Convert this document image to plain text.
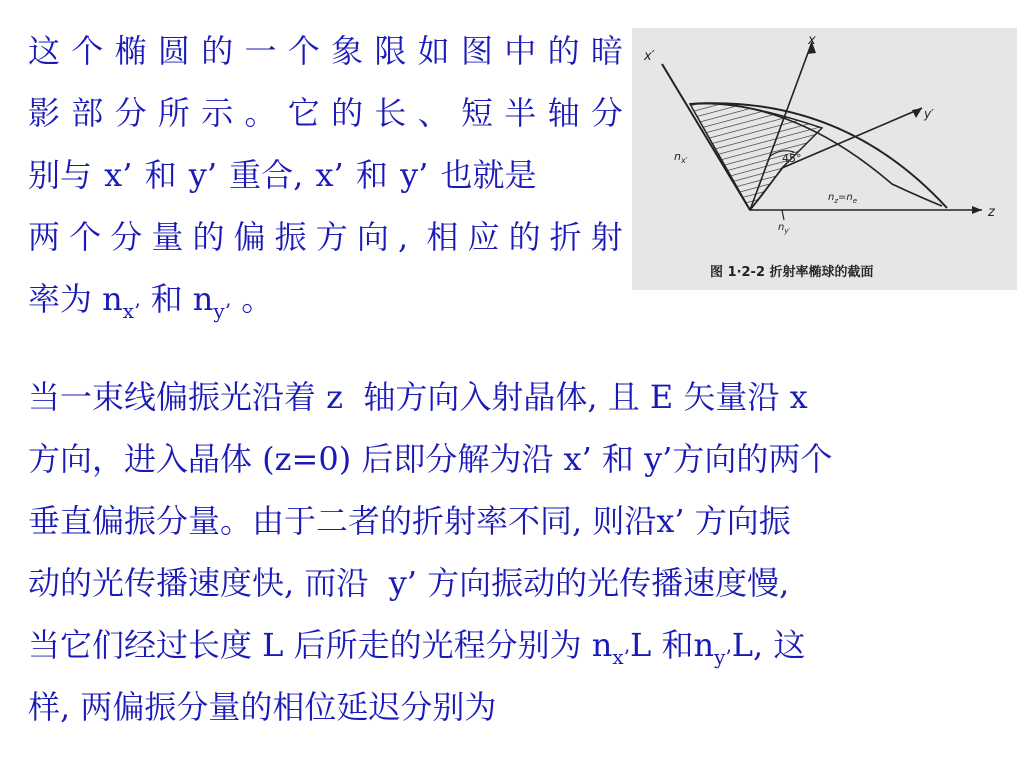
这 个 椭 圆 的 一 个 象 限 如 图 中 的 暗
影 部 分 所 示 。 它 的 长 、 短 半 轴 分
别与 x’ 和 y’ 重合, x’ 和 y’ 也就是
两 个 分 量 的 偏 振 方 向 , 相 应 的 折 射
率为 $n_{x’}$ 和 $n_{y’}$ 。
x′
x
y′
z
$n_{x'}$	45°
$n_z=n_e$
$n_{y'}$
图 1·2-2 折射率椭球的截面
当一束线偏振光沿着 z  轴方向入射晶体, 且 E 矢量沿 x
方向，进入晶体 (z=0) 后即分解为沿 x’ 和 y’方向的两个
垂直偏振分量。由于二者的折射率不同, 则沿x’ 方向振
动的光传播速度快, 而沿  y’ 方向振动的光传播速度慢,
当它们经过长度 L 后所走的光程分别为 $n_{x’}L$ 和$n_{y’}L$, 这
样, 两偏振分量的相位延迟分别为
